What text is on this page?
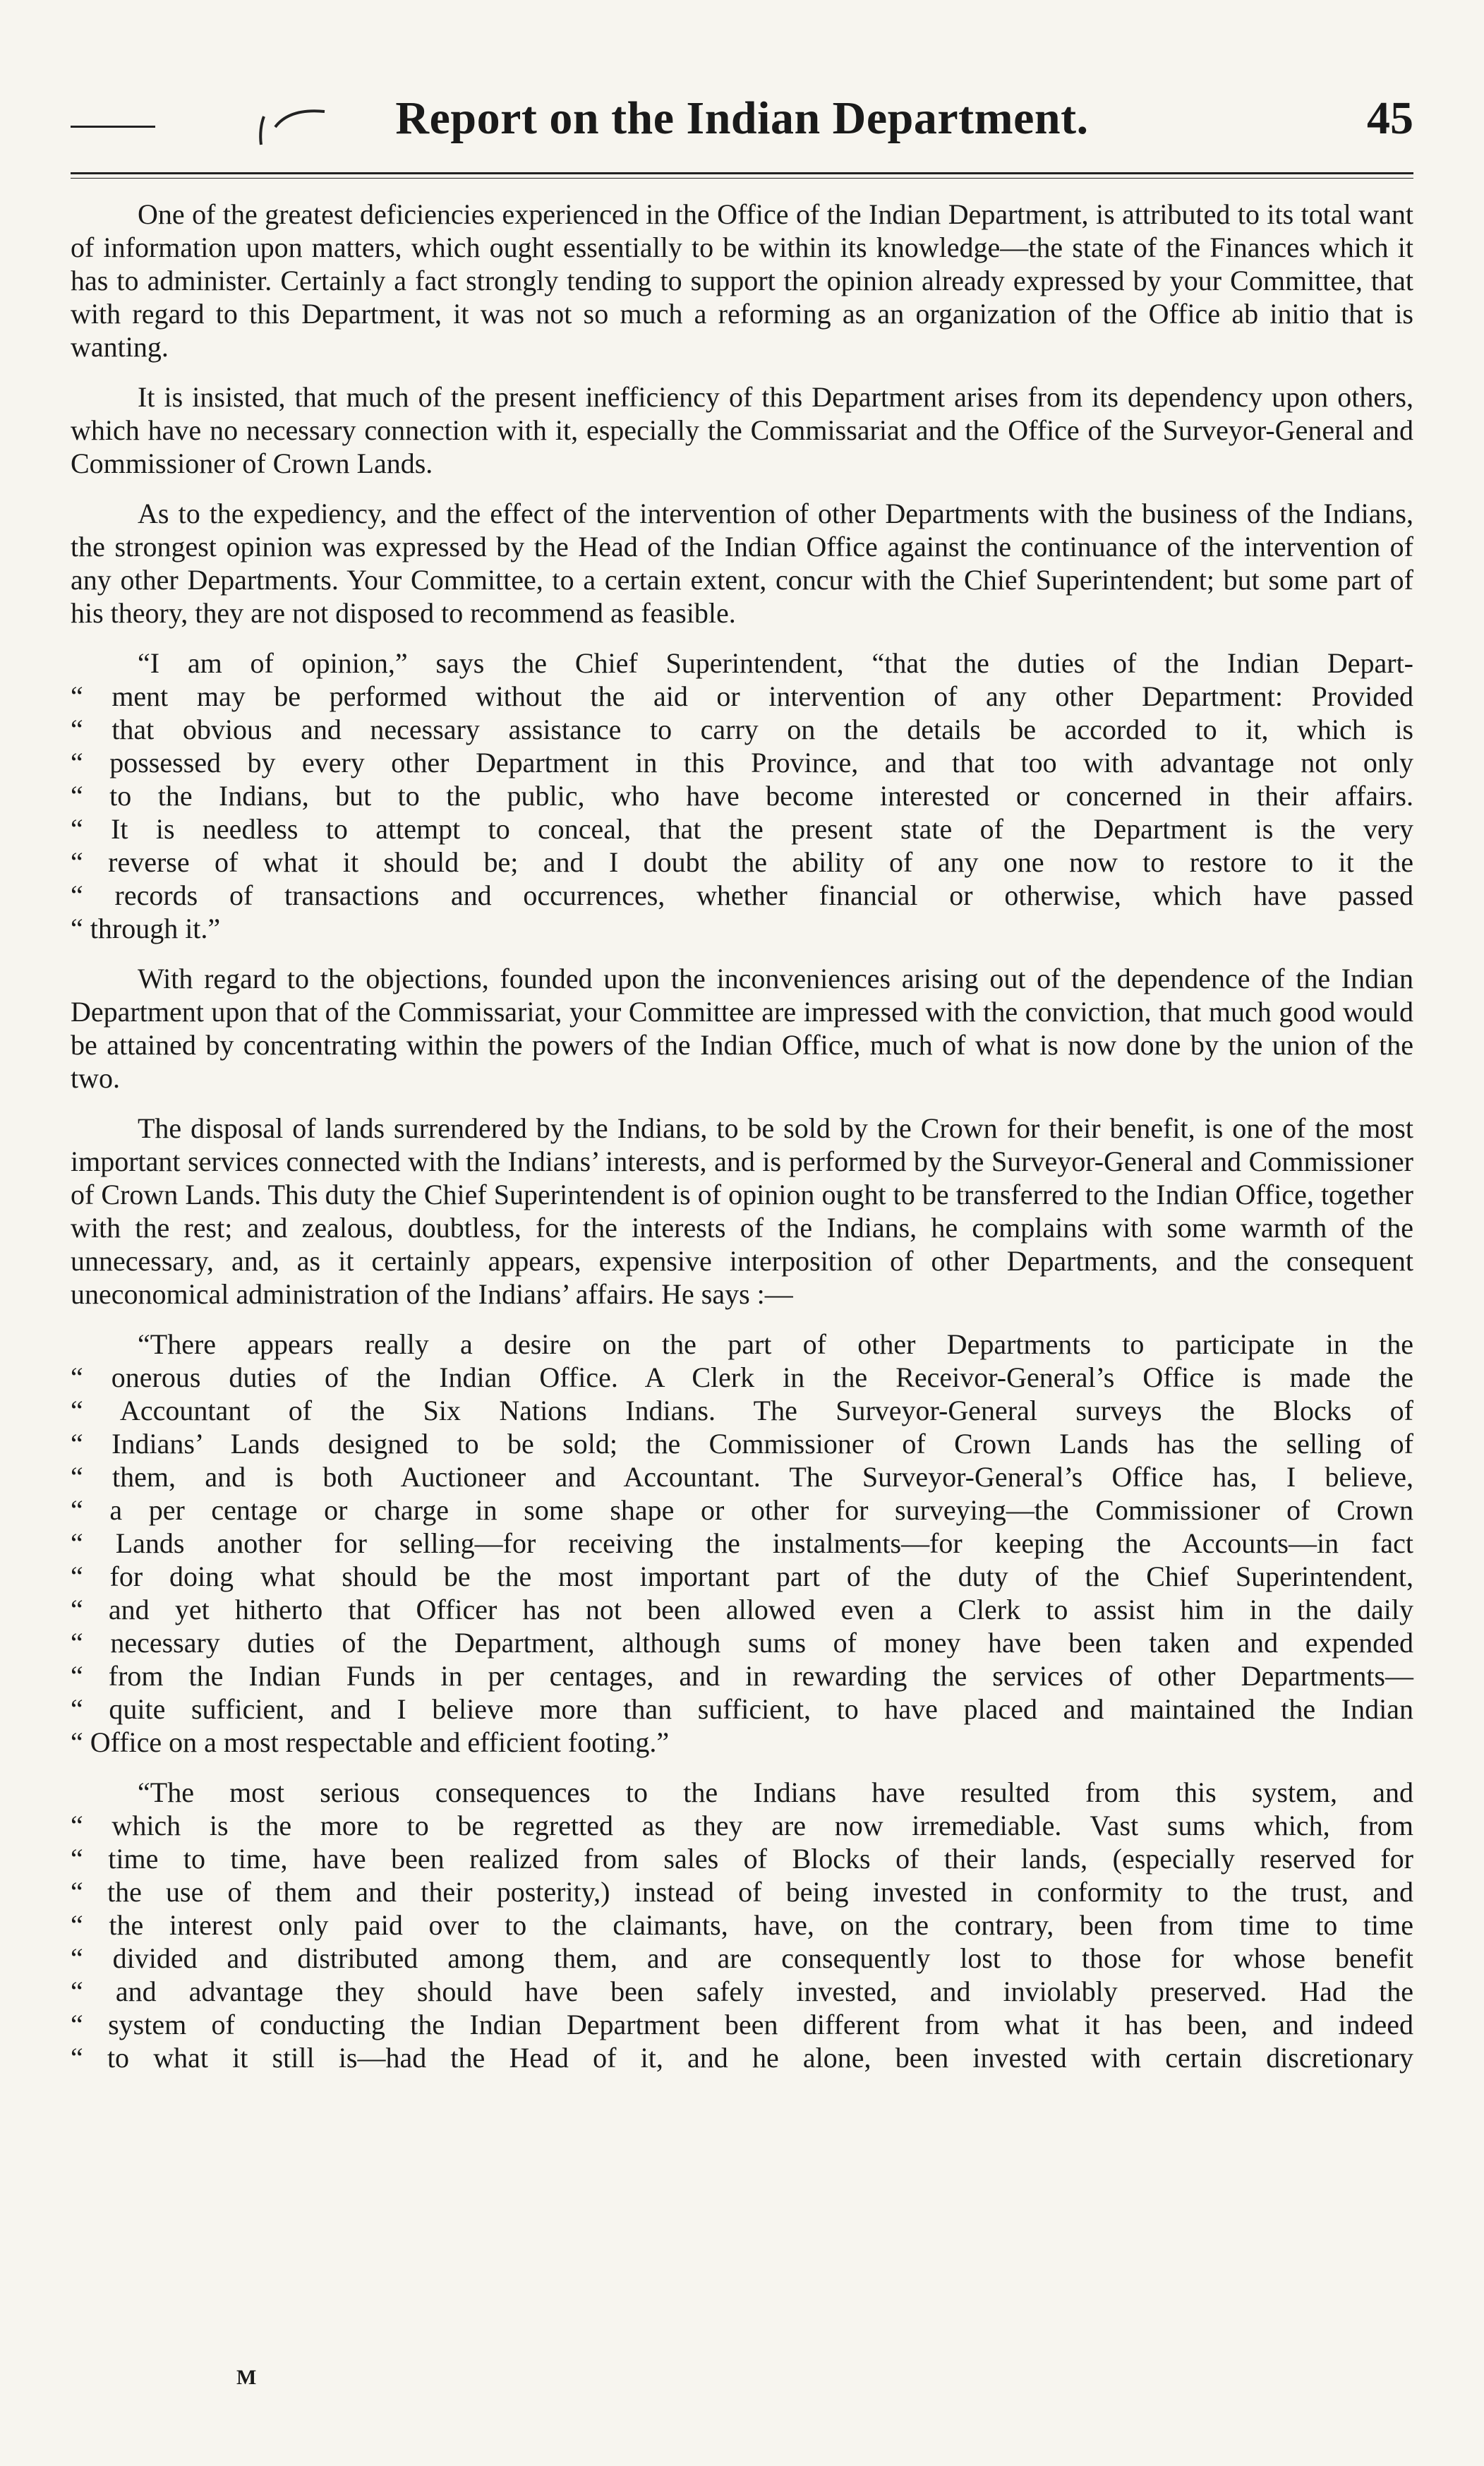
Report on the Indian Department.	45

One of the greatest deficiencies experienced in the Office of the Indian Department, is attributed to its total want of information upon matters, which ought essentially to be within its knowledge—the state of the Finances which it has to administer. Certainly a fact strongly tending to support the opinion already expressed by your Committee, that with regard to this Department, it was not so much a reforming as an organization of the Office ab initio that is wanting.

It is insisted, that much of the present inefficiency of this Department arises from its dependency upon others, which have no necessary connection with it, especially the Commissariat and the Office of the Surveyor-General and Commissioner of Crown Lands.

As to the expediency, and the effect of the intervention of other Departments with the business of the Indians, the strongest opinion was expressed by the Head of the Indian Office against the continuance of the intervention of any other Departments. Your Committee, to a certain extent, concur with the Chief Superintendent; but some part of his theory, they are not disposed to recommend as feasible.

“I am of opinion,” says the Chief Superintendent, “that the duties of the Indian Depart-
“ ment may be performed without the aid or intervention of any other Department: Provided
“ that obvious and necessary assistance to carry on the details be accorded to it, which is
“ possessed by every other Department in this Province, and that too with advantage not only
“ to the Indians, but to the public, who have become interested or concerned in their affairs.
“ It is needless to attempt to conceal, that the present state of the Department is the very
“ reverse of what it should be; and I doubt the ability of any one now to restore to it the
“ records of transactions and occurrences, whether financial or otherwise, which have passed
“ through it.”

With regard to the objections, founded upon the inconveniences arising out of the dependence of the Indian Department upon that of the Commissariat, your Committee are impressed with the conviction, that much good would be attained by concentrating within the powers of the Indian Office, much of what is now done by the union of the two.

The disposal of lands surrendered by the Indians, to be sold by the Crown for their benefit, is one of the most important services connected with the Indians’ interests, and is performed by the Surveyor-General and Commissioner of Crown Lands. This duty the Chief Superintendent is of opinion ought to be transferred to the Indian Office, together with the rest; and zealous, doubtless, for the interests of the Indians, he complains with some warmth of the unnecessary, and, as it certainly appears, expensive interposition of other Departments, and the consequent uneconomical administration of the Indians’ affairs. He says :—

“There appears really a desire on the part of other Departments to participate in the
“ onerous duties of the Indian Office. A Clerk in the Receivor-General’s Office is made the
“ Accountant of the Six Nations Indians. The Surveyor-General surveys the Blocks of
“ Indians’ Lands designed to be sold; the Commissioner of Crown Lands has the selling of
“ them, and is both Auctioneer and Accountant. The Surveyor-General’s Office has, I believe,
“ a per centage or charge in some shape or other for surveying—the Commissioner of Crown
“ Lands another for selling—for receiving the instalments—for keeping the Accounts—in fact
“ for doing what should be the most important part of the duty of the Chief Superintendent,
“ and yet hitherto that Officer has not been allowed even a Clerk to assist him in the daily
“ necessary duties of the Department, although sums of money have been taken and expended
“ from the Indian Funds in per centages, and in rewarding the services of other Departments—
“ quite sufficient, and I believe more than sufficient, to have placed and maintained the Indian
“ Office on a most respectable and efficient footing.”
“The most serious consequences to the Indians have resulted from this system, and
“ which is the more to be regretted as they are now irremediable. Vast sums which, from
“ time to time, have been realized from sales of Blocks of their lands, (especially reserved for
“ the use of them and their posterity,) instead of being invested in conformity to the trust, and
“ the interest only paid over to the claimants, have, on the contrary, been from time to time
“ divided and distributed among them, and are consequently lost to those for whose benefit
“ and advantage they should have been safely invested, and inviolably preserved. Had the
“ system of conducting the Indian Department been different from what it has been, and indeed
“ to what it still is—had the Head of it, and he alone, been invested with certain discretionary
M
